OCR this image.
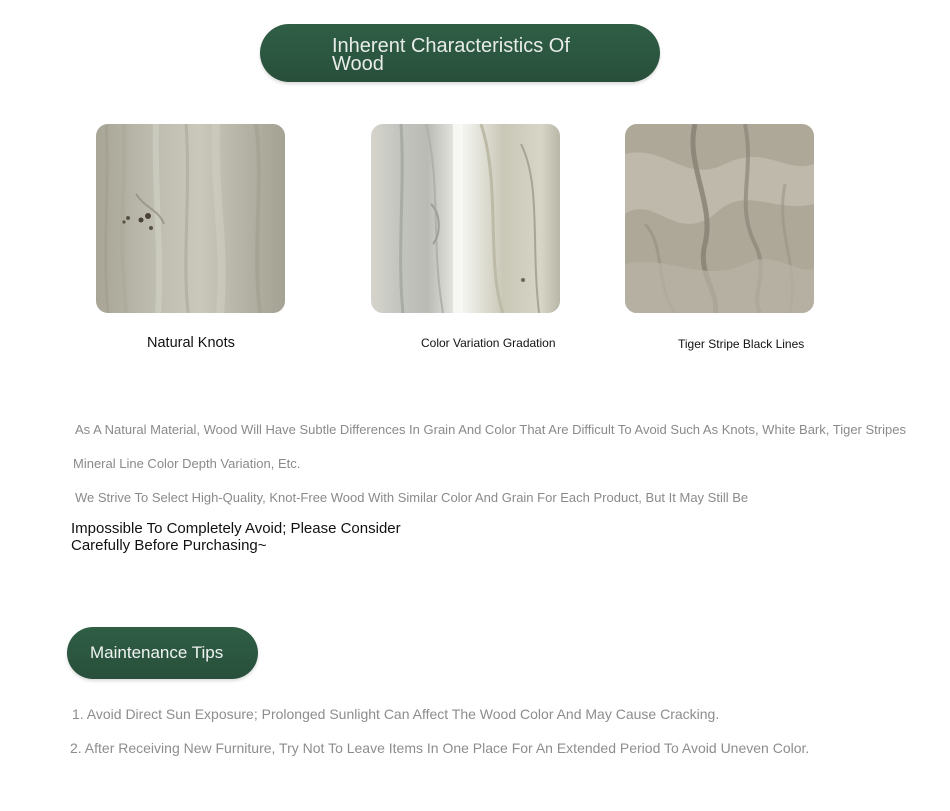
Inherent Characteristics Of Wood
Natural Knots	Color Variation Gradation	Tiger Stripe Black Lines
As A Natural Material, Wood Will Have Subtle Differences In Grain And Color That Are Difficult To Avoid Such As Knots, White Bark, Tiger Stripes
Mineral Line Color Depth Variation, Etc.
We Strive To Select High-Quality, Knot-Free Wood With Similar Color And Grain For Each Product, But It May Still Be
Impossible To Completely Avoid; Please Consider Carefully Before Purchasing~
Maintenance Tips
1. Avoid Direct Sun Exposure; Prolonged Sunlight Can Affect The Wood Color And May Cause Cracking.
2. After Receiving New Furniture, Try Not To Leave Items In One Place For An Extended Period To Avoid Uneven Color.
